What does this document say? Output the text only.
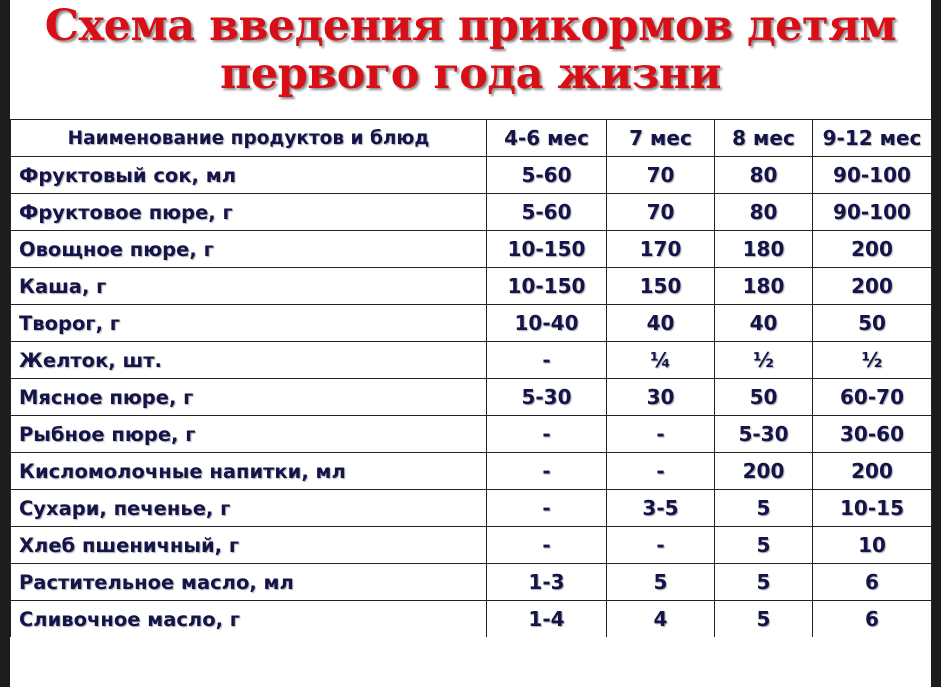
Схема введения прикормов детям
первого года жизни
Наименование продуктов и блюд	4-6 мес	7 мес	8 мес	9-12 мес
Фруктовый сок, мл	5-60	70	80	90-100
Фруктовое пюре, г	5-60	70	80	90-100
Овощное пюре, г	10-150	170	180	200
Каша, г	10-150	150	180	200
Творог, г	10-40	40	40	50
Желток, шт.	-	¼	½	½
Мясное пюре, г	5-30	30	50	60-70
Рыбное пюре, г	-	-	5-30	30-60
Кисломолочные напитки, мл	-	-	200	200
Сухари, печенье, г	-	3-5	5	10-15
Хлеб пшеничный, г	-	-	5	10
Растительное масло, мл	1-3	5	5	6
Сливочное масло, г	1-4	4	5	6
